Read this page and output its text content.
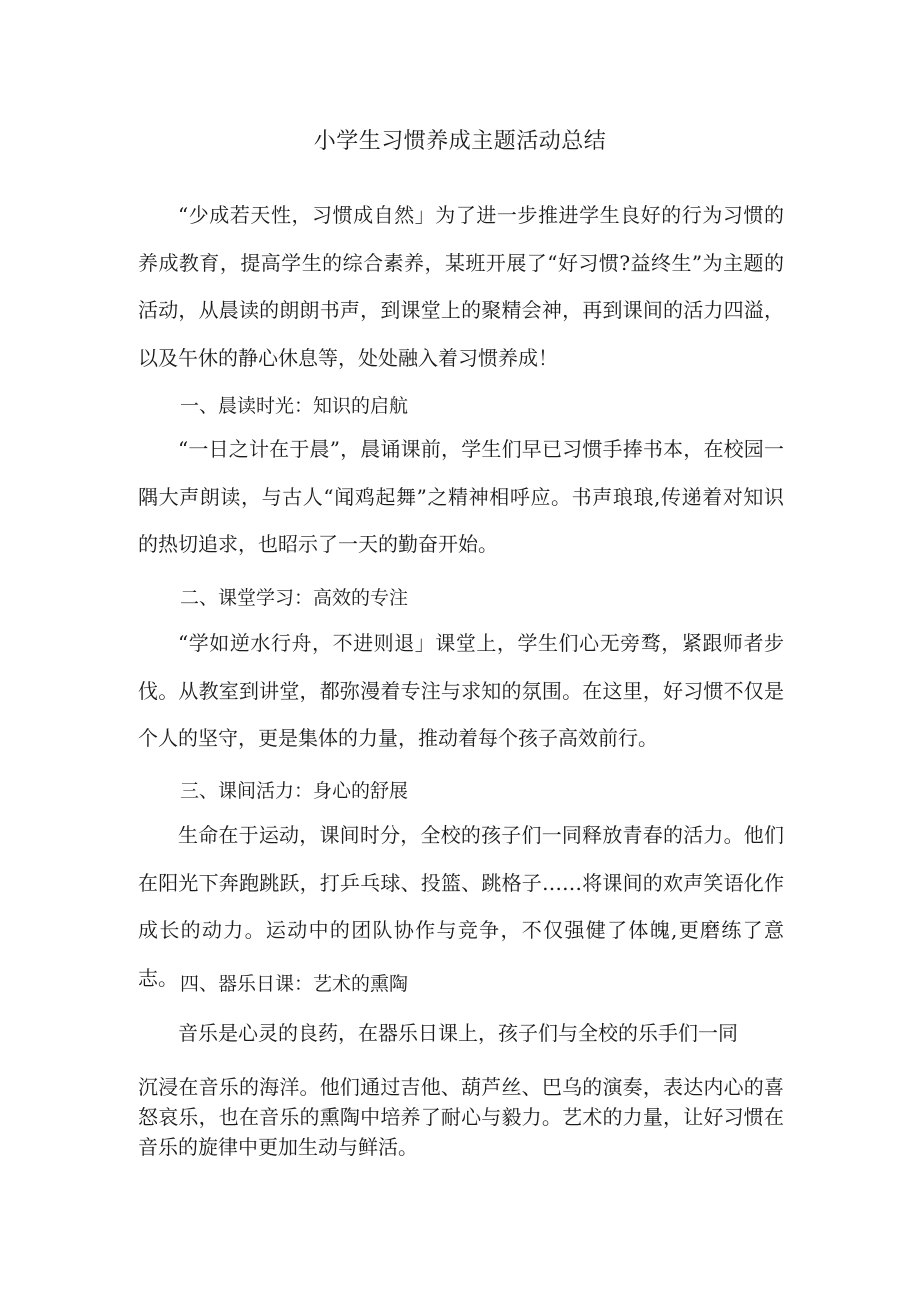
小学生习惯养成主题活动总结

“少成若天性，习惯成自然」为了进一步推进学生良好的行为习惯的养成教育，提高学生的综合素养，某班开展了“好习惯?益终生”为主题的活动，从晨读的朗朗书声，到课堂上的聚精会神，再到课间的活力四溢，以及午休的静心休息等，处处融入着习惯养成！

一、晨读时光：知识的启航

“一日之计在于晨”，晨诵课前，学生们早已习惯手捧书本，在校园一隅大声朗读，与古人“闻鸡起舞”之精神相呼应。书声琅琅,传递着对知识的热切追求，也昭示了一天的勤奋开始。

二、课堂学习：高效的专注

“学如逆水行舟，不进则退」课堂上，学生们心无旁骛，紧跟师者步伐。从教室到讲堂，都弥漫着专注与求知的氛围。在这里，好习惯不仅是个人的坚守，更是集体的力量，推动着每个孩子高效前行。

三、课间活力：身心的舒展

生命在于运动，课间时分，全校的孩子们一同释放青春的活力。他们在阳光下奔跑跳跃，打乒乓球、投篮、跳格子……将课间的欢声笑语化作成长的动力。运动中的团队协作与竞争，不仅强健了体魄,更磨练了意志。 四、器乐日课：艺术的熏陶

音乐是心灵的良药，在器乐日课上，孩子们与全校的乐手们一同

沉浸在音乐的海洋。他们通过吉他、葫芦丝、巴乌的演奏，表达内心的喜怒哀乐，也在音乐的熏陶中培养了耐心与毅力。艺术的力量，让好习惯在音乐的旋律中更加生动与鲜活。
